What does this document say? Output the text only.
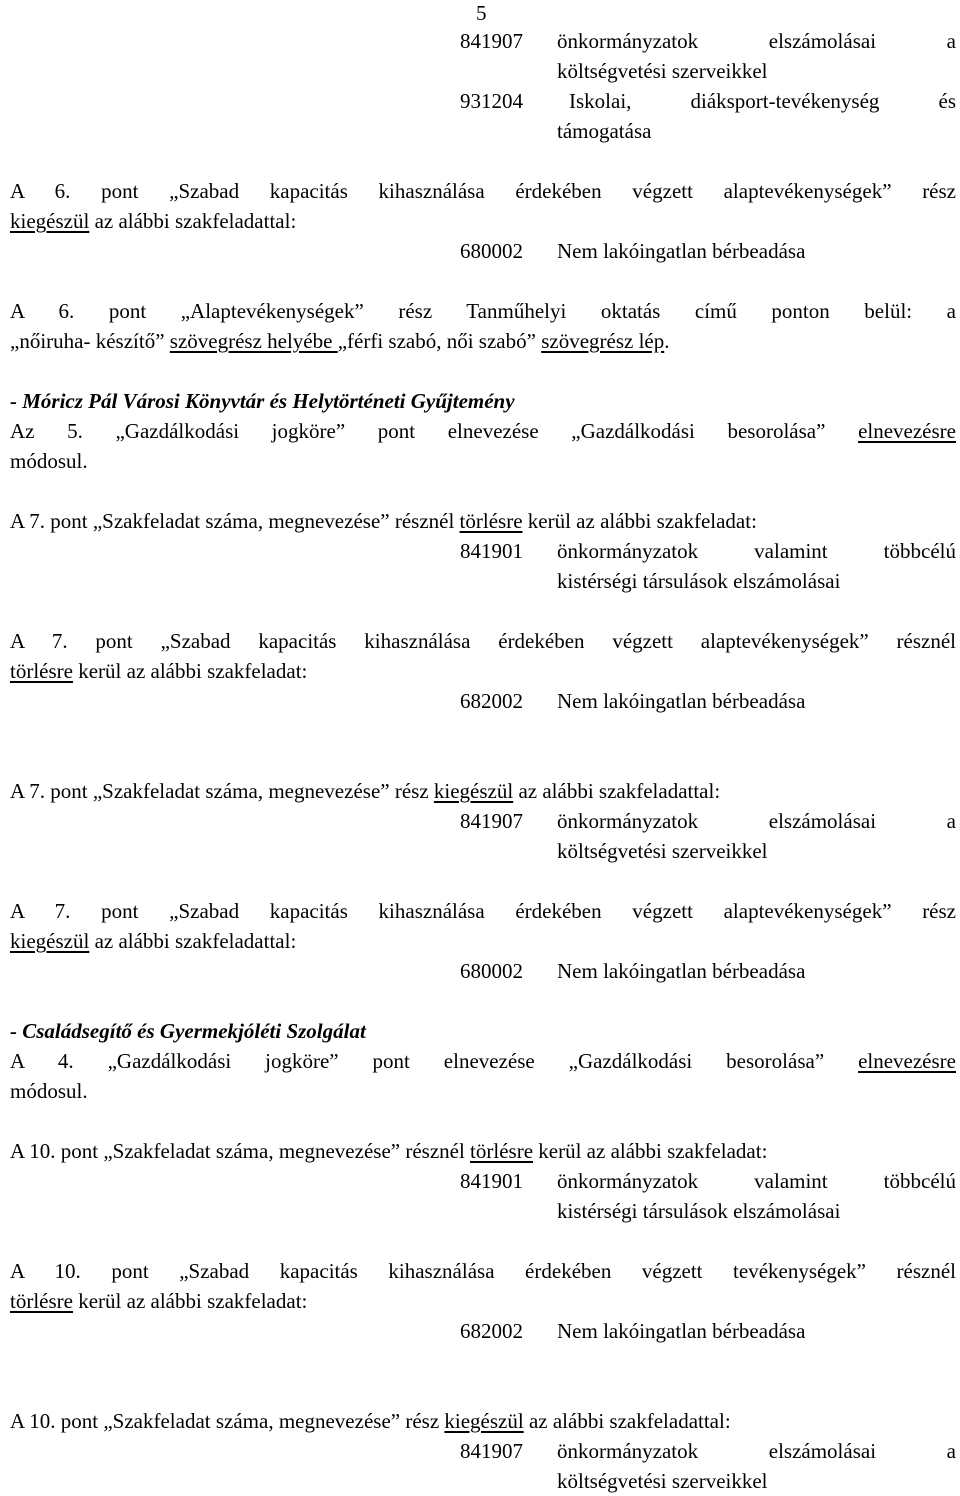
5
841907	önkormányzatok elszámolásai a
költségvetési szerveikkel
931204	Iskolai, diáksport-tevékenység és
támogatása
A 6. pont „Szabad kapacitás kihasználása érdekében végzett alaptevékenységek” rész
kiegészül az alábbi szakfeladattal:
680002	Nem lakóingatlan bérbeadása
A 6. pont „Alaptevékenységek” rész Tanműhelyi oktatás című ponton belül: a
„nőiruha- készítő” szövegrész helyébe „férfi szabó, női szabó” szövegrész lép.
- Móricz Pál Városi Könyvtár és Helytörténeti Gyűjtemény
Az 5. „Gazdálkodási jogköre” pont elnevezése „Gazdálkodási besorolása” elnevezésre
módosul.
A 7. pont „Szakfeladat száma, megnevezése” résznél törlésre kerül az alábbi szakfeladat:
841901	önkormányzatok valamint többcélú
kistérségi társulások elszámolásai
A 7. pont „Szabad kapacitás kihasználása érdekében végzett alaptevékenységek” résznél
törlésre kerül az alábbi szakfeladat:
682002	Nem lakóingatlan bérbeadása
A 7. pont „Szakfeladat száma, megnevezése” rész kiegészül az alábbi szakfeladattal:
841907	önkormányzatok elszámolásai a
költségvetési szerveikkel
A 7. pont „Szabad kapacitás kihasználása érdekében végzett alaptevékenységek” rész
kiegészül az alábbi szakfeladattal:
680002	Nem lakóingatlan bérbeadása
- Családsegítő és Gyermekjóléti Szolgálat
A 4. „Gazdálkodási jogköre” pont elnevezése „Gazdálkodási besorolása” elnevezésre
módosul.
A 10. pont „Szakfeladat száma, megnevezése” résznél törlésre kerül az alábbi szakfeladat:
841901	önkormányzatok valamint többcélú
kistérségi társulások elszámolásai
A 10. pont „Szabad kapacitás kihasználása érdekében végzett tevékenységek” résznél
törlésre kerül az alábbi szakfeladat:
682002	Nem lakóingatlan bérbeadása
A 10. pont „Szakfeladat száma, megnevezése” rész kiegészül az alábbi szakfeladattal:
841907	önkormányzatok elszámolásai a
költségvetési szerveikkel
